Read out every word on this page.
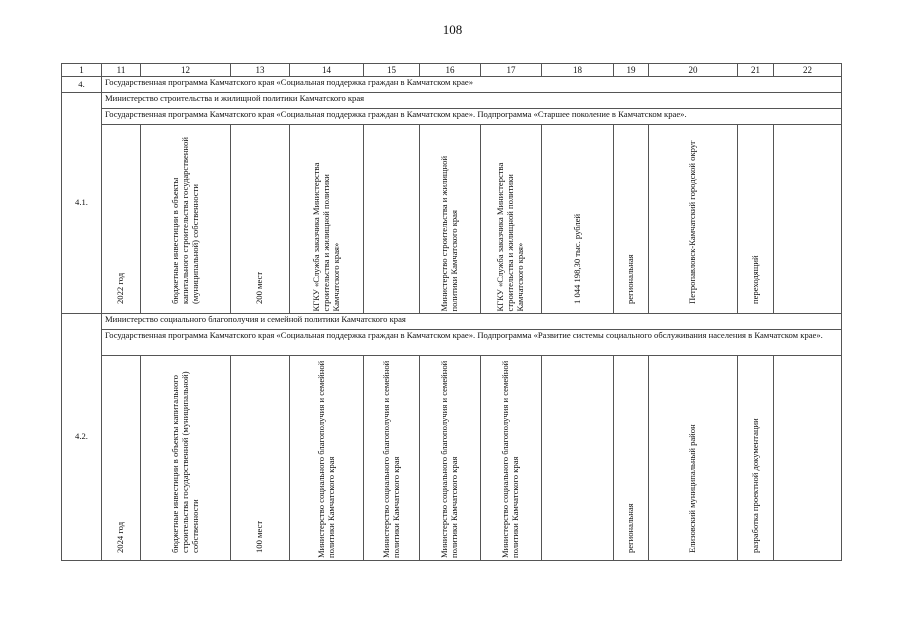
108
1	11	12	13	14	15	16	17	18	19	20	21	22
4.	Государственная программа Камчатского края «Социальная поддержка граждан в Камчатском крае»											
4.1.	Министерство строительства и жилищной политики Камчатского края											
	Государственная программа Камчатского края «Социальная поддержка граждан в Камчатском крае». Подпрограмма «Старшее поколение в Камчатском крае».											

	2022 год	бюджетные инвестиции в объекты капитального строительства государственной (муниципальной) собственности	200 мест	КГКУ «Служба заказчика Министерства строительства и жилищной политики Камчатского края»		Министерство строительства и жилищной политики Камчатского края	КГКУ «Служба заказчика Министерства строительства и жилищной политики Камчатского края»	1 044 198,30 тыс. рублей	региональная	Петропавловск-Камчатский городской округ	переходящий	

4.2.	Министерство социального благополучия и семейной политики Камчатского края											
	Государственная программа Камчатского края «Социальная поддержка граждан в Камчатском крае». Подпрограмма «Развитие системы социального обслуживания населения в Камчатском крае».											

	2024 год	бюджетные инвестиции в объекты капитального строительства государственной (муниципальной) собственности	100 мест	Министерство социального благополучия и семейной политики Камчатского края	Министерство социального благополучия и семейной политики Камчатского края	Министерство социального благополучия и семейной политики Камчатского края	Министерство социального благополучия и семейной политики Камчатского края		региональная	Елизовский муниципальный район	разработка проектной документации	
